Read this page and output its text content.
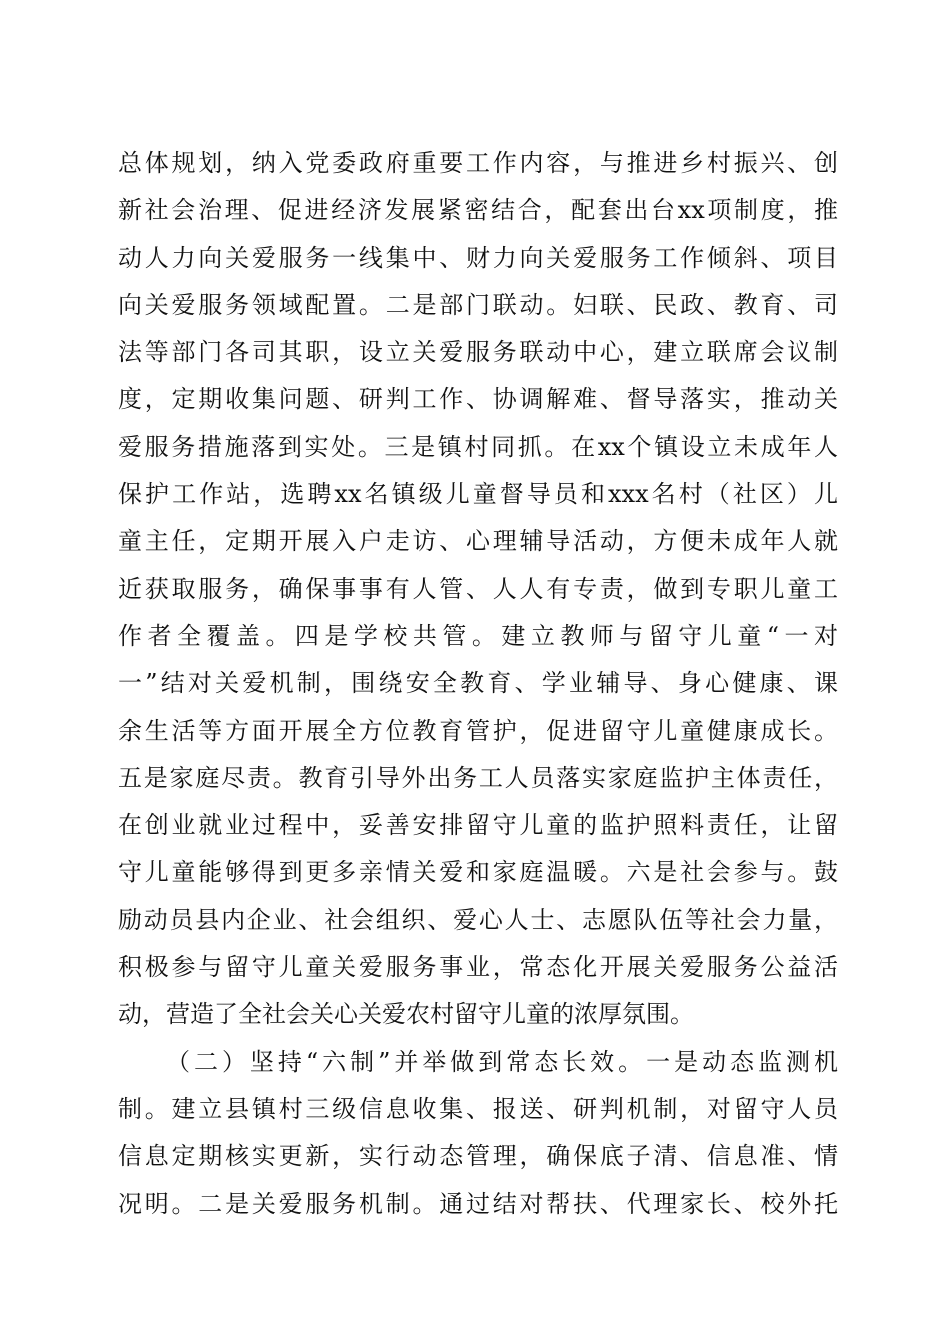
总体规划，纳入党委政府重要工作内容，与推进乡村振兴、创
新社会治理、促进经济发展紧密结合，配套出台xx项制度，推
动人力向关爱服务一线集中、财力向关爱服务工作倾斜、项目
向关爱服务领域配置。二是部门联动。妇联、民政、教育、司
法等部门各司其职，设立关爱服务联动中心，建立联席会议制
度，定期收集问题、研判工作、协调解难、督导落实，推动关
爱服务措施落到实处。三是镇村同抓。在xx个镇设立未成年人
保护工作站，选聘xx名镇级儿童督导员和xxx名村（社区）儿
童主任，定期开展入户走访、心理辅导活动，方便未成年人就
近获取服务，确保事事有人管、人人有专责，做到专职儿童工
作者全覆盖。四是学校共管。建立教师与留守儿童“一对
一”结对关爱机制，围绕安全教育、学业辅导、身心健康、课
余生活等方面开展全方位教育管护，促进留守儿童健康成长。
五是家庭尽责。教育引导外出务工人员落实家庭监护主体责任，
在创业就业过程中，妥善安排留守儿童的监护照料责任，让留
守儿童能够得到更多亲情关爱和家庭温暖。六是社会参与。鼓
励动员县内企业、社会组织、爱心人士、志愿队伍等社会力量，
积极参与留守儿童关爱服务事业，常态化开展关爱服务公益活
动，营造了全社会关心关爱农村留守儿童的浓厚氛围。
（二）坚持“六制”并举做到常态长效。一是动态监测机
制。建立县镇村三级信息收集、报送、研判机制，对留守人员
信息定期核实更新，实行动态管理，确保底子清、信息准、情
况明。二是关爱服务机制。通过结对帮扶、代理家长、校外托
